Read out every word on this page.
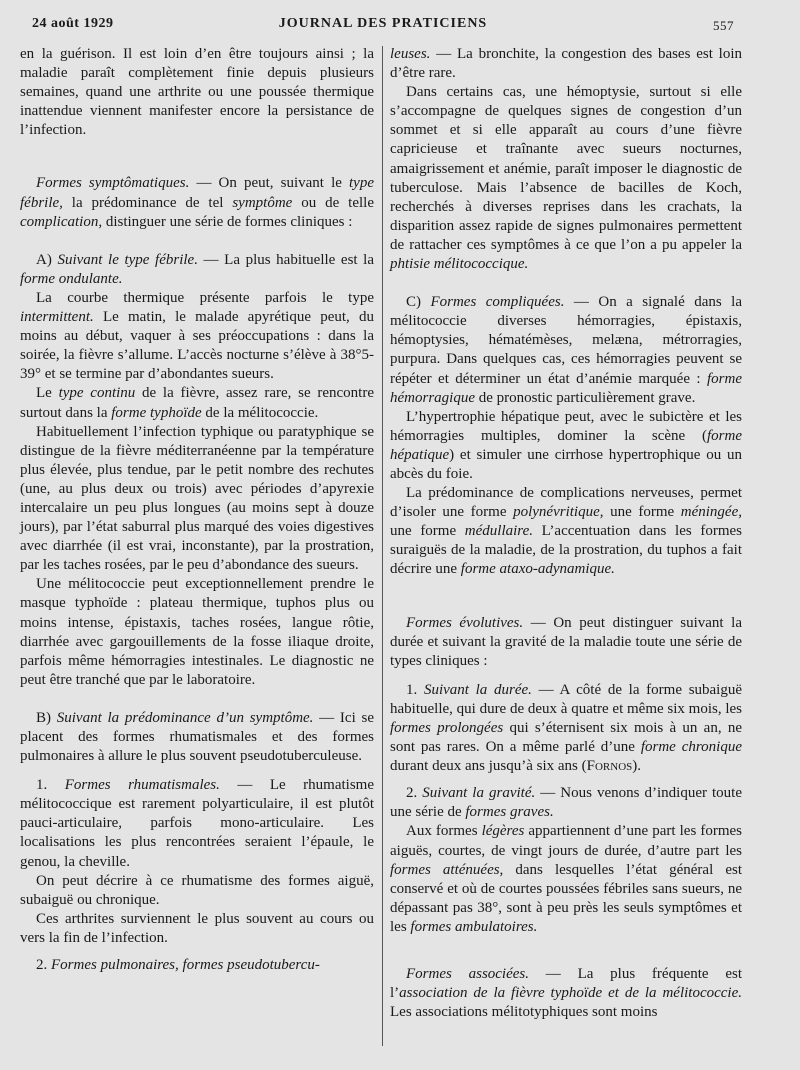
24 août 1929	JOURNAL DES PRATICIENS	557

en la guérison. Il est loin d’en être toujours ainsi ; la maladie paraît complètement finie depuis plusieurs semaines, quand une arthrite ou une poussée thermique inattendue viennent manifester encore la persistance de l’infection.

Formes symptômatiques. — On peut, suivant le type fébrile, la prédominance de tel symptôme ou de telle complication, distinguer une série de formes cliniques :

A) Suivant le type fébrile. — La plus habituelle est la forme ondulante.

La courbe thermique présente parfois le type intermittent. Le matin, le malade apyrétique peut, du moins au début, vaquer à ses préoccupations : dans la soirée, la fièvre s’allume. L’accès nocturne s’élève à 38°5-39° et se termine par d’abondantes sueurs.

Le type continu de la fièvre, assez rare, se rencontre surtout dans la forme typhoïde de la mélitococcie.

Habituellement l’infection typhique ou paratyphique se distingue de la fièvre méditerranéenne par la température plus élevée, plus tendue, par le petit nombre des rechutes (une, au plus deux ou trois) avec périodes d’apyrexie intercalaire un peu plus longues (au moins sept à douze jours), par l’état saburral plus marqué des voies digestives avec diarrhée (il est vrai, inconstante), par la prostration, par les taches rosées, par le peu d’abondance des sueurs.

Une mélitococcie peut exceptionnellement prendre le masque typhoïde : plateau thermique, tuphos plus ou moins intense, épistaxis, taches rosées, langue rôtie, diarrhée avec gargouillements de la fosse iliaque droite, parfois même hémorragies intestinales. Le diagnostic ne peut être tranché que par le laboratoire.

B) Suivant la prédominance d’un symptôme. — Ici se placent des formes rhumatismales et des formes pulmonaires à allure le plus souvent pseudotuberculeuse.

1. Formes rhumatismales. — Le rhumatisme mélitococcique est rarement polyarticulaire, il est plutôt pauci-articulaire, parfois mono-articulaire. Les localisations les plus rencontrées seraient l’épaule, le genou, la cheville.

On peut décrire à ce rhumatisme des formes aiguë, subaiguë ou chronique.

Ces arthrites surviennent le plus souvent au cours ou vers la fin de l’infection.

2. Formes pulmonaires, formes pseudotubercu-

leuses. — La bronchite, la congestion des bases est loin d’être rare.

Dans certains cas, une hémoptysie, surtout si elle s’accompagne de quelques signes de congestion d’un sommet et si elle apparaît au cours d’une fièvre capricieuse et traînante avec sueurs nocturnes, amaigrissement et anémie, paraît imposer le diagnostic de tuberculose. Mais l’absence de bacilles de Koch, recherchés à diverses reprises dans les crachats, la disparition assez rapide de signes pulmonaires permettent de rattacher ces symptômes à ce que l’on a pu appeler la phtisie mélitococcique.

C) Formes compliquées. — On a signalé dans la mélitococcie diverses hémorragies, épistaxis, hémoptysies, hématémèses, melæna, métrorragies, purpura. Dans quelques cas, ces hémorragies peuvent se répéter et déterminer un état d’anémie marquée : forme hémorragique de pronostic particulièrement grave.

L’hypertrophie hépatique peut, avec le subictère et les hémorragies multiples, dominer la scène (forme hépatique) et simuler une cirrhose hypertrophique ou un abcès du foie.

La prédominance de complications nerveuses, permet d’isoler une forme polynévritique, une forme méningée, une forme médullaire. L’accentuation dans les formes suraiguës de la maladie, de la prostration, du tuphos a fait décrire une forme ataxo-adynamique.

Formes évolutives. — On peut distinguer suivant la durée et suivant la gravité de la maladie toute une série de types cliniques :

1. Suivant la durée. — A côté de la forme subaiguë habituelle, qui dure de deux à quatre et même six mois, les formes prolongées qui s’éternisent six mois à un an, ne sont pas rares. On a même parlé d’une forme chronique durant deux ans jusqu’à six ans (Fornos).

2. Suivant la gravité. — Nous venons d’indiquer toute une série de formes graves.

Aux formes légères appartiennent d’une part les formes aiguës, courtes, de vingt jours de durée, d’autre part les formes atténuées, dans lesquelles l’état général est conservé et où de courtes poussées fébriles sans sueurs, ne dépassant pas 38°, sont à peu près les seuls symptômes et les formes ambulatoires.

Formes associées. — La plus fréquente est l’association de la fièvre typhoïde et de la mélitococcie. Les associations mélitotyphiques sont moins
